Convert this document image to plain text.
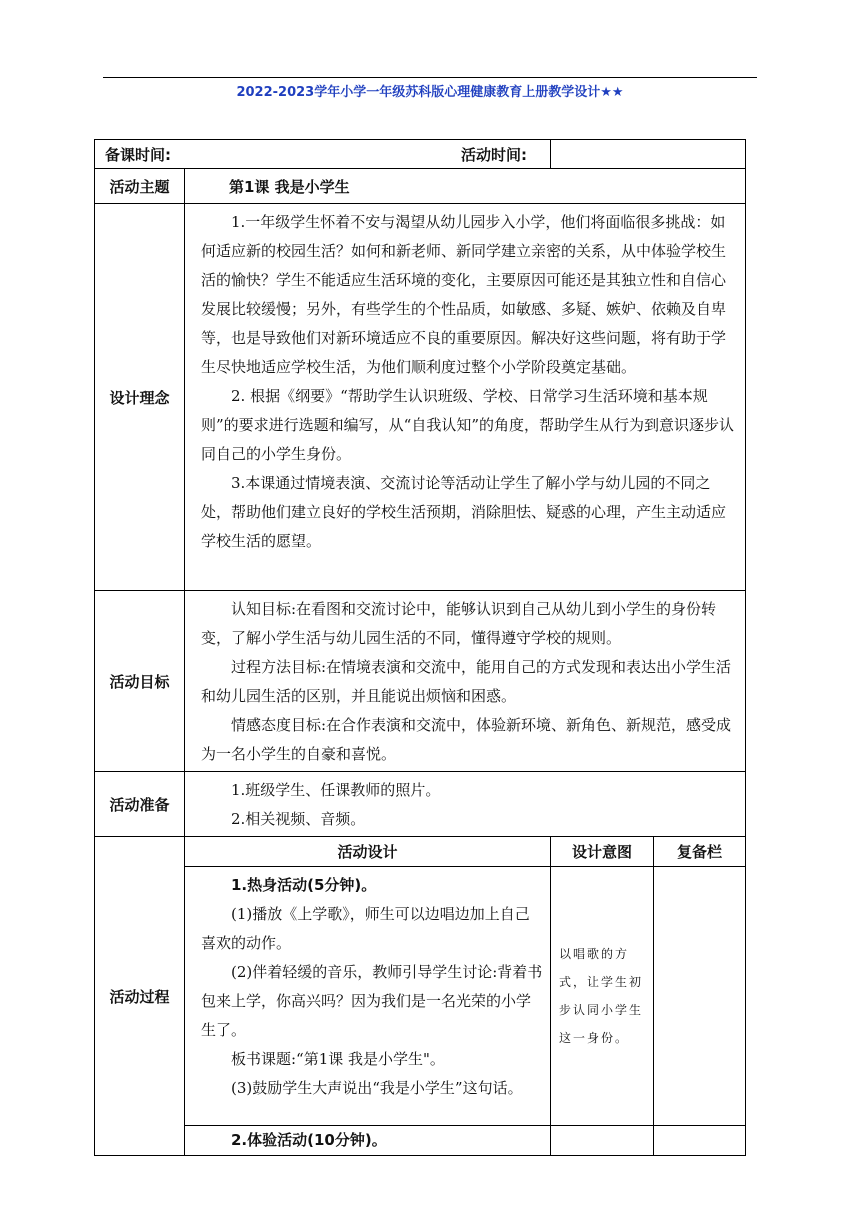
2022-2023学年小学一年级苏科版心理健康教育上册教学设计★★
备课时间:		活动时间:	
活动主题	第1课 我是小学生		
设计理念	1.一年级学生怀着不安与渴望从幼儿园步入小学，他们将面临很多挑战：如何适应新的校园生活？如何和新老师、新同学建立亲密的关系，从中体验学校生活的愉快？学生不能适应生活环境的变化，主要原因可能还是其独立性和自信心发展比较缓慢；另外，有些学生的个性品质，如敏感、多疑、嫉妒、依赖及自卑等，也是导致他们对新环境适应不良的重要原因。解决好这些问题，将有助于学生尽快地适应学校生活，为他们顺利度过整个小学阶段奠定基础。

2. 根据《纲要》“帮助学生认识班级、学校、日常学习生活环境和基本规则”的要求进行选题和编写，从“自我认知”的角度，帮助学生从行为到意识逐步认同自己的小学生身份。

3.本课通过情境表演、交流讨论等活动让学生了解小学与幼儿园的不同之处，帮助他们建立良好的学校生活预期，消除胆怯、疑惑的心理，产生主动适应学校生活的愿望。		

活动目标	认知目标:在看图和交流讨论中，能够认识到自己从幼儿到小学生的身份转变，了解小学生活与幼儿园生活的不同，懂得遵守学校的规则。

过程方法目标:在情境表演和交流中，能用自己的方式发现和表达出小学生活和幼儿园生活的区别，并且能说出烦恼和困惑。

情感态度目标:在合作表演和交流中，体验新环境、新角色、新规范，感受成为一名小学生的自豪和喜悦。		

活动准备	1.班级学生、任课教师的照片。

2.相关视频、音频。		

活动过程	活动设计	设计意图	复备栏

	1.热身活动(5分钟)。

(1)播放《上学歌》，师生可以边唱边加上自己喜欢的动作。

(2)伴着轻缓的音乐，教师引导学生讨论:背着书包来上学，你高兴吗？因为我们是一名光荣的小学生了。

板书课题:“第1课 我是小学生"。

(3)鼓励学生大声说出“我是小学生”这句话。	以唱歌的方式，让学生初步认同小学生这一身份。	

	2.体验活动(10分钟)。		
